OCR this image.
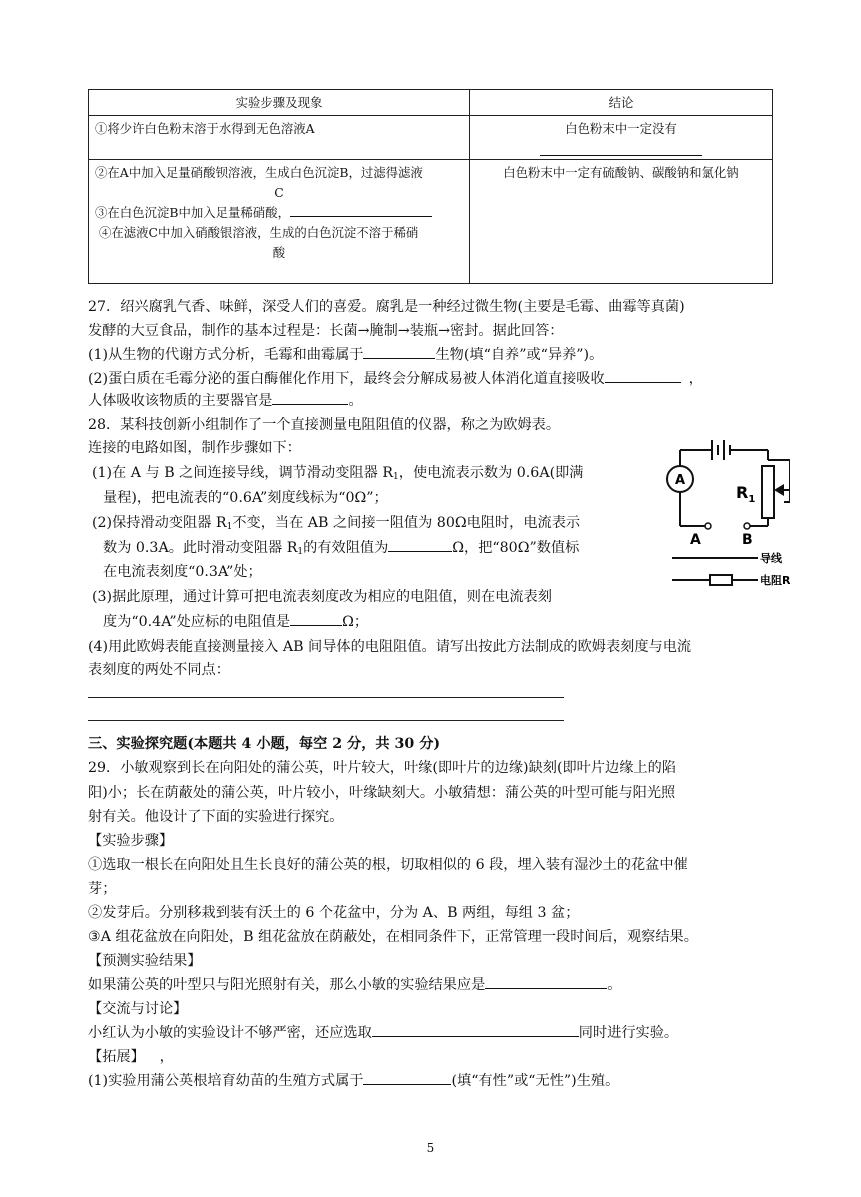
实验步骤及现象	结论
①将少许白色粉末溶于水得到无色溶液A	白色粉末中一定没有

②在A中加入足量硝酸钡溶液，生成白色沉淀B，过滤得滤液
C
③在白色沉淀B中加入足量稀硝酸，
④在滤液C中加入硝酸银溶液，生成的白色沉淀不溶于稀硝
酸	白色粉末中一定有硫酸钠、碳酸钠和氯化钠
27．绍兴腐乳气香、味鲜，深受人们的喜爱。腐乳是一种经过微生物(主要是毛霉、曲霉等真菌)
发酵的大豆食品，制作的基本过程是：长菌→腌制→装瓶→密封。据此回答：
(1)从生物的代谢方式分析，毛霉和曲霉属于	生物(填“自养”或“异养”)。
(2)蛋白质在毛霉分泌的蛋白酶催化作用下，最终会分解成易被人体消化道直接吸收	，
人体吸收该物质的主要器官是	。
28．某科技创新小组制作了一个直接测量电阻阻值的仪器，称之为欧姆表。
连接的电路如图，制作步骤如下：
(1)在 A 与 B 之间连接导线，调节滑动变阻器 $R_1$，使电流表示数为 0.6A(即满
量程)，把电流表的“0.6A”刻度线标为“0Ω”；
(2)保持滑动变阻器 $R_1$不变，当在 AB 之间接一阻值为 80Ω电阻时，电流表示
数为 0.3A。此时滑动变阻器 $R_1$的有效阻值为	Ω，把“80Ω”数值标
在电流表刻度“0.3A”处；
(3)据此原理，通过计算可把电流表刻度改为相应的电阻值，则在电流表刻
度为“0.4A”处应标的电阻值是	Ω；
(4)用此欧姆表能直接测量接入 AB 间导体的电阻阻值。请写出按此方法制成的欧姆表刻度与电流
表刻度的两处不同点：
A
$R_1$
A	B
导线
电阻R
三、实验探究题(本题共 4 小题，每空 2 分，共 30 分)
29．小敏观察到长在向阳处的蒲公英，叶片较大，叶缘(即叶片的边缘)缺刻(即叶片边缘上的陷
阳)小；长在荫蔽处的蒲公英，叶片较小，叶缘缺刻大。小敏猜想：蒲公英的叶型可能与阳光照
射有关。他设计了下面的实验进行探究。
【实验步骤】
①选取一根长在向阳处且生长良好的蒲公英的根，切取相似的 6 段，埋入装有湿沙土的花盆中催
芽；
②发芽后。分别移栽到装有沃土的 6 个花盆中，分为 A、B 两组，每组 3 盆；
③A 组花盆放在向阳处，B 组花盆放在荫蔽处，在相同条件下，正常管理一段时间后，观察结果。
【预测实验结果】
如果蒲公英的叶型只与阳光照射有关，那么小敏的实验结果应是	。
【交流与讨论】
小红认为小敏的实验设计不够严密，还应选取	同时进行实验。
【拓展】 ，
(1)实验用蒲公英根培育幼苗的生殖方式属于	(填“有性”或“无性”)生殖。
5
